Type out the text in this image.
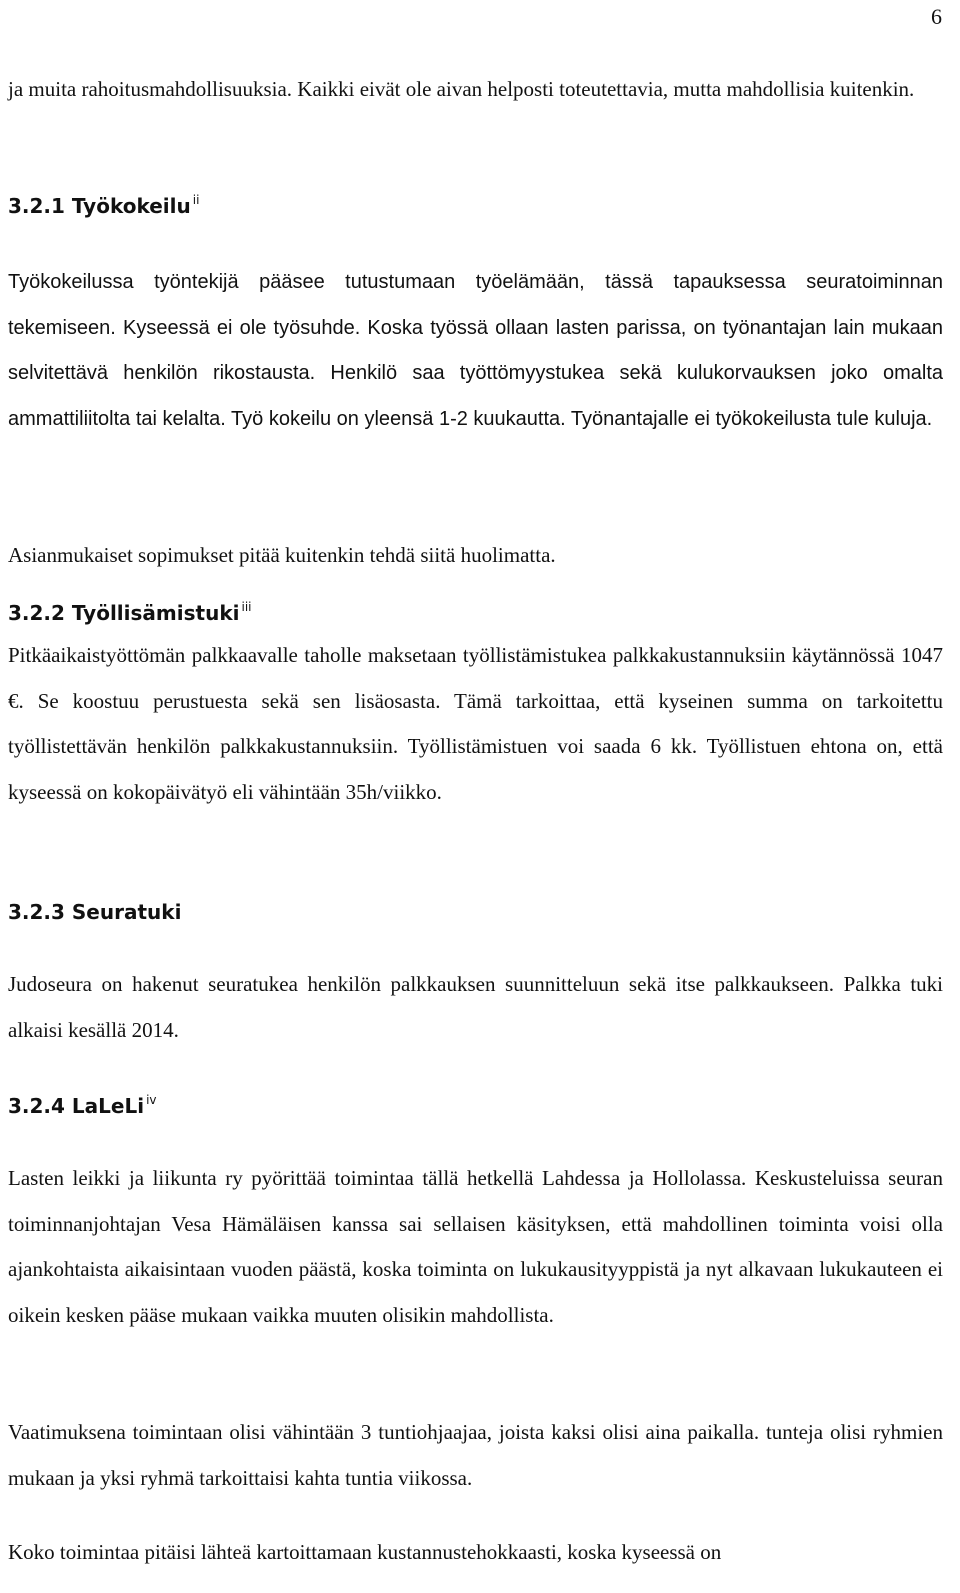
6

ja muita rahoitusmahdollisuuksia. Kaikki eivät ole aivan helposti toteutettavia, mutta mahdollisia kuitenkin.

3.2.1 Työkokeilu $^{ii}$

Työkokeilussa työntekijä pääsee tutustumaan työelämään, tässä tapauksessa seuratoiminnan tekemiseen. Kyseessä ei ole työsuhde. Koska työssä ollaan lasten parissa, on työnantajan lain mukaan selvitettävä henkilön rikostausta. Henkilö saa työttömyystukea sekä kulukorvauksen joko omalta ammattiliitolta tai kelalta. Työ kokeilu on yleensä 1-2 kuukautta. Työnantajalle ei työkokeilusta tule kuluja.

Asianmukaiset sopimukset pitää kuitenkin tehdä siitä huolimatta.

3.2.2 Työllisämistuki $^{iii}$

Pitkäaikaistyöttömän palkkaavalle taholle maksetaan työllistämistukea palkkakustannuksiin käytännössä 1047 €. Se koostuu perustuesta sekä sen lisäosasta. Tämä tarkoittaa, että kyseinen summa on tarkoitettu työllistettävän henkilön palkkakustannuksiin. Työllistämistuen voi saada 6 kk. Työllistuen ehtona on, että kyseessä on kokopäivätyö eli vähintään 35h/viikko.

3.2.3 Seuratuki

Judoseura on hakenut seuratukea henkilön palkkauksen suunnitteluun sekä itse palkkaukseen. Palkka tuki alkaisi kesällä 2014.

3.2.4 LaLeLi $^{iv}$

Lasten leikki ja liikunta ry pyörittää toimintaa tällä hetkellä Lahdessa ja Hollolassa. Keskusteluissa seuran toiminnanjohtajan Vesa Hämäläisen kanssa sai sellaisen käsityksen, että mahdollinen toiminta voisi olla ajankohtaista aikaisintaan vuoden päästä, koska toiminta on lukukausityyppistä ja nyt alkavaan lukukauteen ei oikein kesken pääse mukaan vaikka muuten olisikin mahdollista.

Vaatimuksena toimintaan olisi vähintään 3 tuntiohjaajaa, joista kaksi olisi aina paikalla. tunteja olisi ryhmien mukaan ja yksi ryhmä tarkoittaisi kahta tuntia viikossa.

Koko toimintaa pitäisi lähteä kartoittamaan kustannustehokkaasti, koska kyseessä on
